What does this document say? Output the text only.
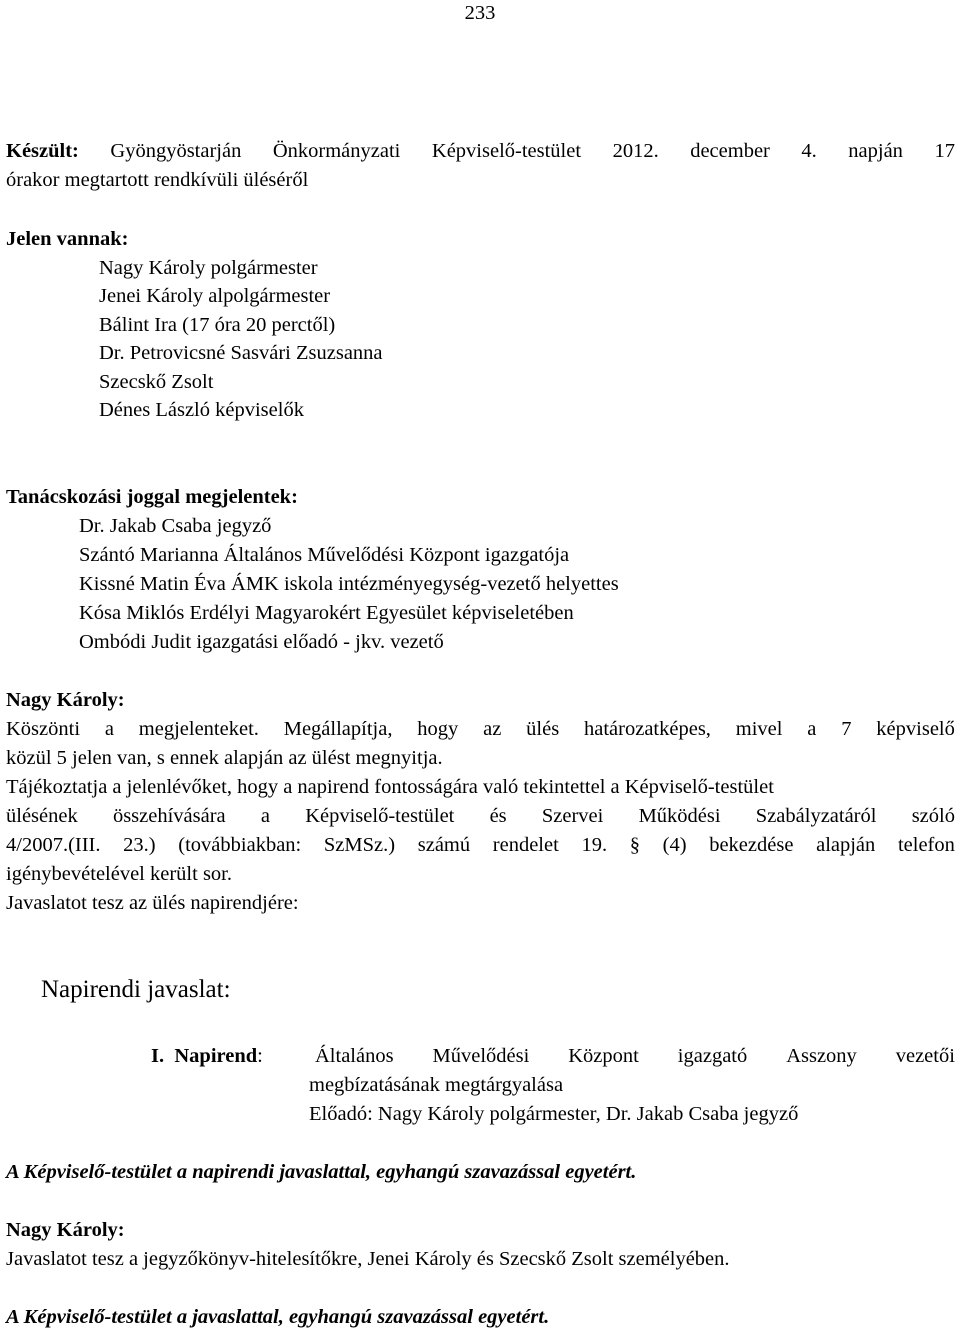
233
Készült: Gyöngyöstarján Önkormányzati Képviselő-testület 2012. december 4. napján 17
órakor megtartott rendkívüli üléséről
Jelen vannak:
Nagy Károly polgármester
Jenei Károly alpolgármester
Bálint Ira (17 óra 20 perctől)
Dr. Petrovicsné Sasvári Zsuzsanna
Szecskő Zsolt
Dénes László képviselők
Tanácskozási joggal megjelentek:
Dr. Jakab Csaba jegyző
Szántó Marianna Általános Művelődési Központ igazgatója
Kissné Matin Éva ÁMK iskola intézményegység-vezető helyettes
Kósa Miklós Erdélyi Magyarokért Egyesület képviseletében
Ombódi Judit igazgatási előadó - jkv. vezető
Nagy Károly:
Köszönti a megjelenteket. Megállapítja, hogy az ülés határozatképes, mivel a 7 képviselő
közül 5 jelen van, s ennek alapján az ülést megnyitja.
Tájékoztatja a jelenlévőket, hogy a napirend fontosságára való tekintettel a Képviselő-testület
ülésének összehívására a Képviselő-testület és Szervei Működési Szabályzatáról szóló
4/2007.(III. 23.) (továbbiakban: SzMSz.) számú rendelet 19. § (4) bekezdése alapján telefon
igénybevételével került sor.
Javaslatot tesz az ülés napirendjére:
Napirendi javaslat:
I. Napirend:	Általános Művelődési Központ igazgató Asszony vezetői
megbízatásának megtárgyalása
Előadó: Nagy Károly polgármester, Dr. Jakab Csaba jegyző
A Képviselő-testület a napirendi javaslattal, egyhangú szavazással egyetért.
Nagy Károly:
Javaslatot tesz a jegyzőkönyv-hitelesítőkre, Jenei Károly és Szecskő Zsolt személyében.
A Képviselő-testület a javaslattal, egyhangú szavazással egyetért.
